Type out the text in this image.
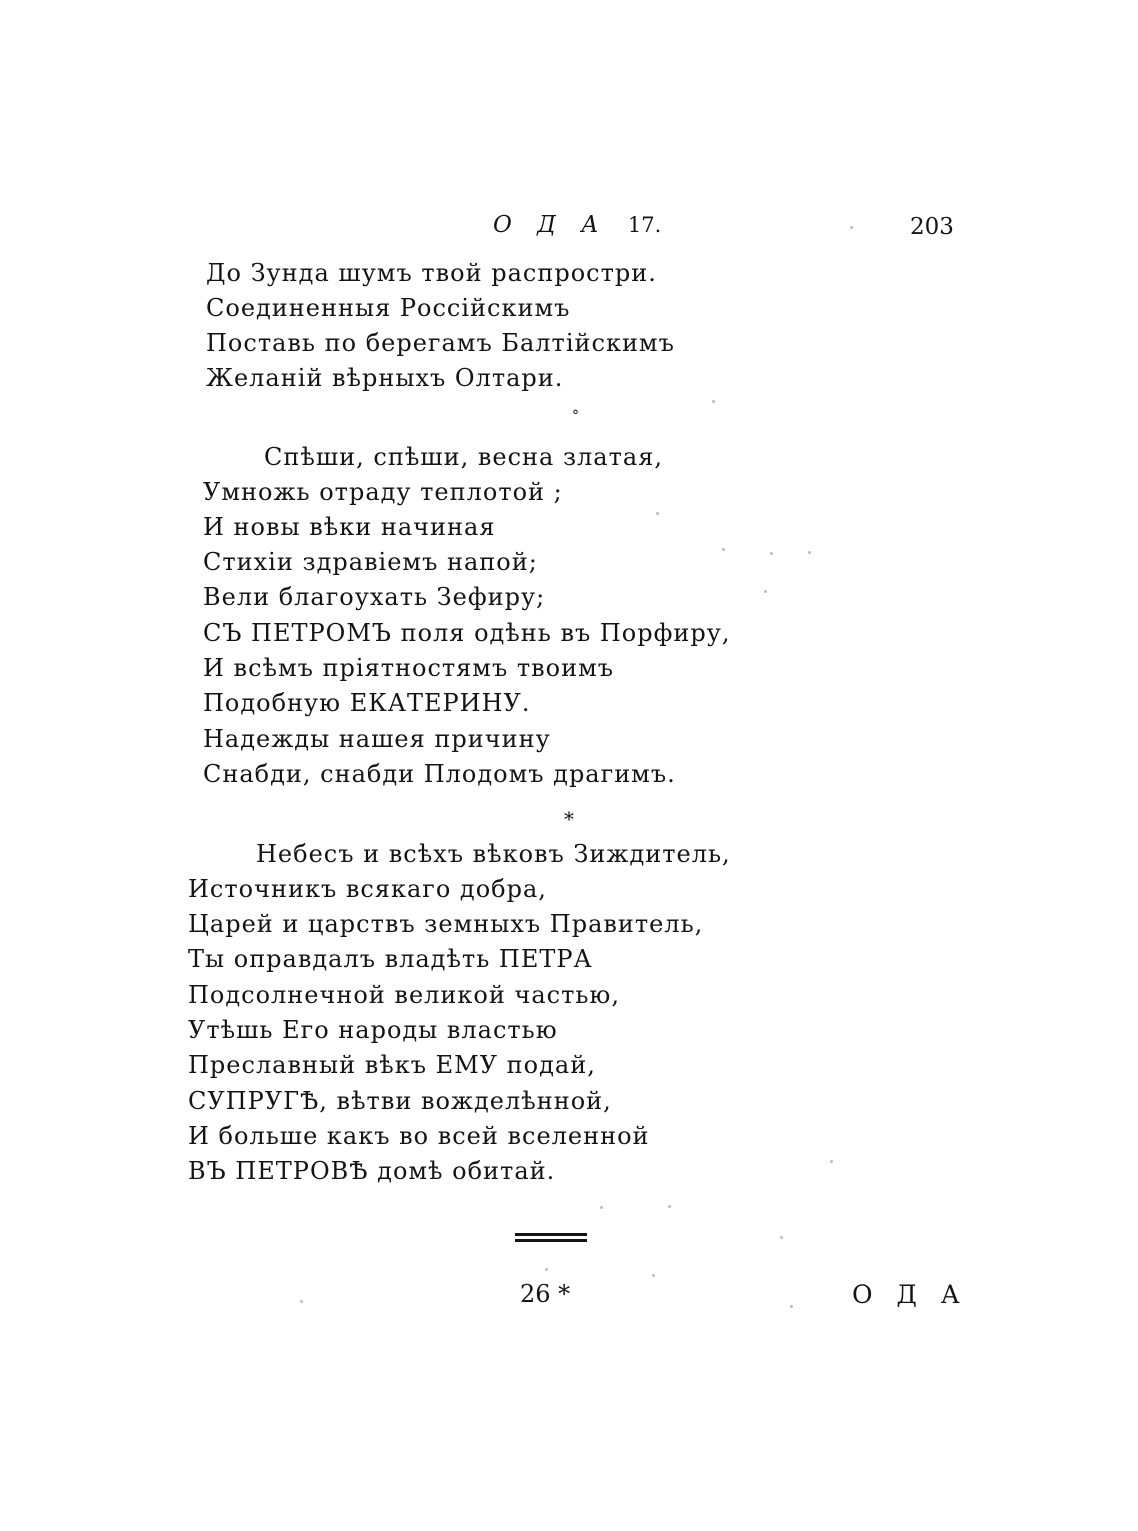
О Д А 17.	203
До Зунда шумъ твой распростри.
Соединенныя Россійскимъ
Поставь по берегамъ Балтійскимъ
Желаній вѣрныхъ Олтари.
°
*
Спѣши, спѣши, весна златая,
Умножь отраду теплотой ;
И новы вѣки начиная
Стихіи здравіемъ напой;
Вели благоухать Зефиру;
СЪ ПЕТРОМЪ поля одѣнь въ Порфиру,
И всѣмъ пріятностямъ твоимъ
Подобную ЕКАТЕРИНУ.
Надежды нашея причину
Снабди, снабди Плодомъ драгимъ.
Небесъ и всѣхъ вѣковъ Зиждитель,
Источникъ всякаго добра,
Царей и царствъ земныхъ Правитель,
Ты оправдалъ владѣть ПЕТРА
Подсолнечной великой частью,
Утѣшь Его народы властью
Преславный вѣкъ ЕМУ подай,
СУПРУГѢ, вѣтви вожделѣнной,
И больше какъ во всей вселенной
ВЪ ПЕТРОВѢ домѣ обитай.
26 *	О Д А
